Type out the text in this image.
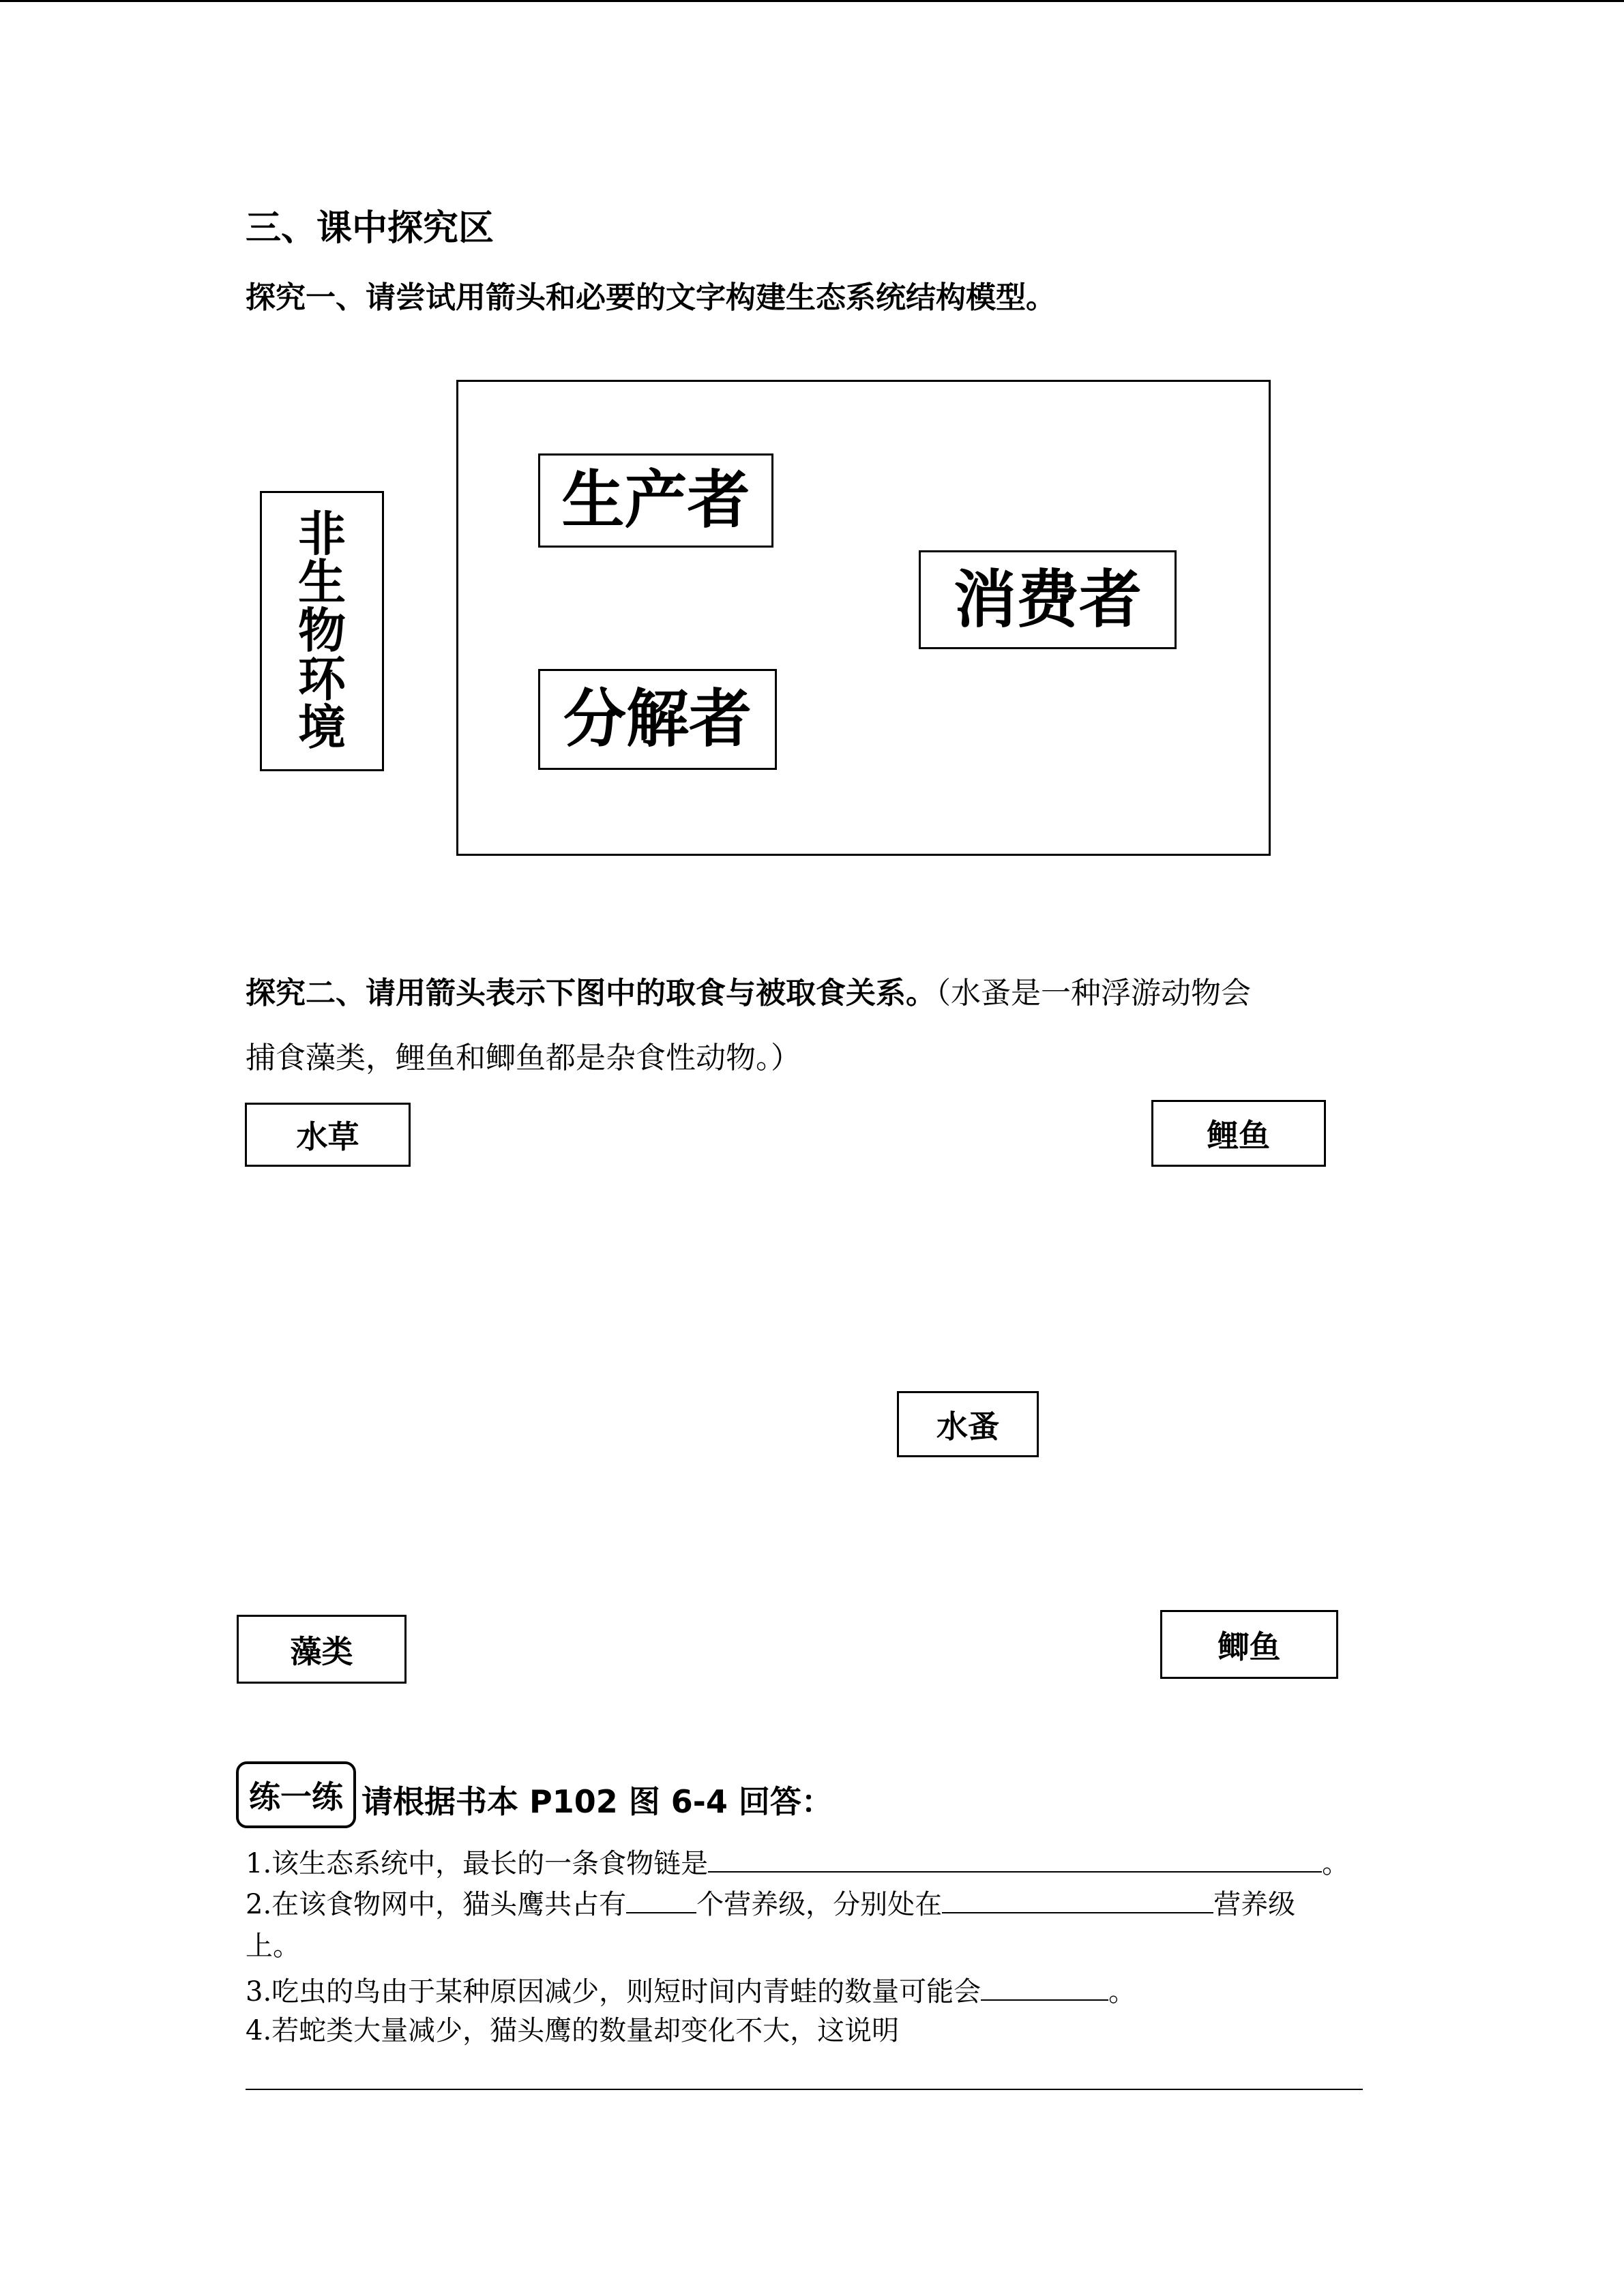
三、课中探究区
探究一、请尝试用箭头和必要的文字构建生态系统结构模型。
非生物环境
生产者
消费者
分解者
探究二、请用箭头表示下图中的取食与被取食关系。（水蚤是一种浮游动物会
捕食藻类，鲤鱼和鲫鱼都是杂食性动物。）
水草	鲤鱼
水蚤
藻类	鲫鱼
练一练 请根据书本 P102 图 6-4 回答：
1.该生态系统中，最长的一条食物链是	。
2.在该食物网中，猫头鹰共占有	个营养级，分别处在	营养级
上。
3.吃虫的鸟由于某种原因减少，则短时间内青蛙的数量可能会	。
4.若蛇类大量减少，猫头鹰的数量却变化不大，这说明
